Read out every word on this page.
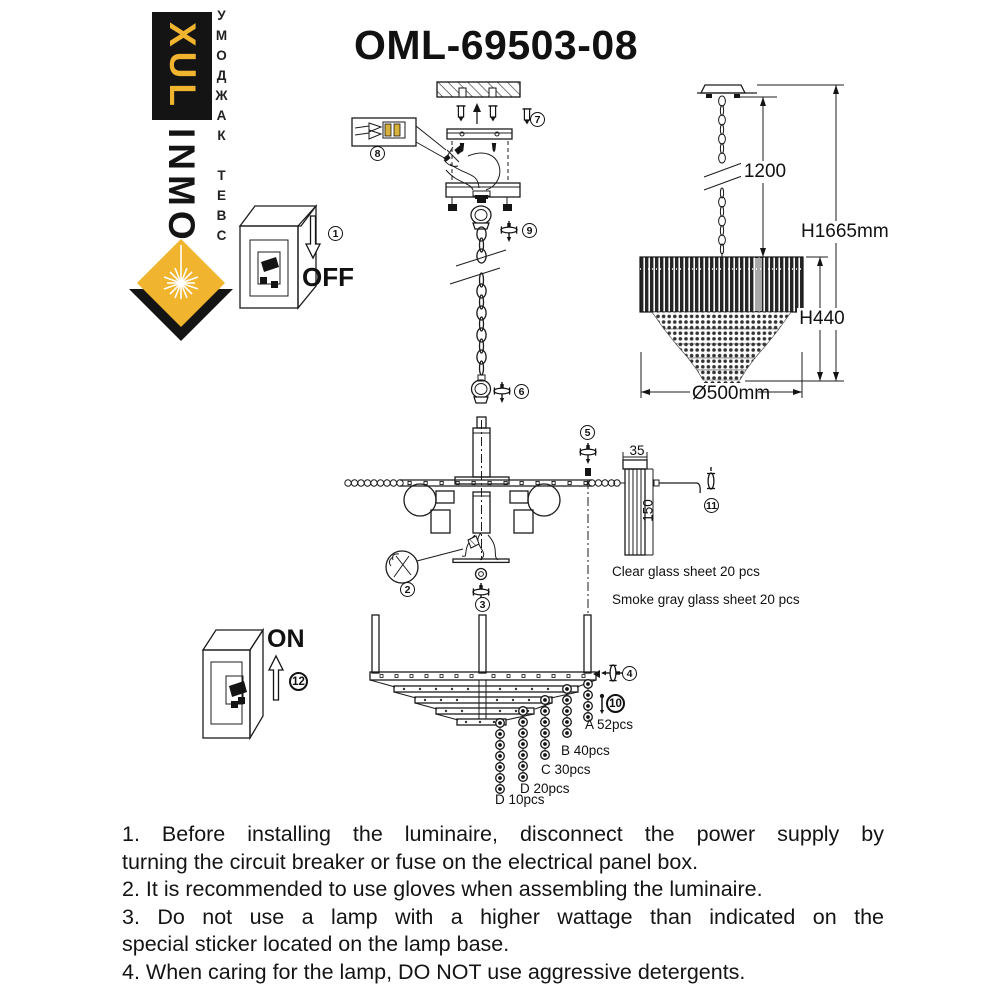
OML-69503-08
XUL
INMO УМОДЖАК ТЕВС
OFF
ON
1
2
3
4
5
6
7
8
9
10
11
12
1200
H1665mm
H440
Ø500mm
35
150
Clear glass sheet 20 pcs
Smoke gray glass sheet 20 pcs
A 52pcs
B 40pcs
C 30pcs
D 20pcs
D 10pcs
1. Before installing the luminaire, disconnect the power supply by
turning the circuit breaker or fuse on the electrical panel box.
2. It is recommended to use gloves when assembling the luminaire.
3. Do not use a lamp with a higher wattage than indicated on the
special sticker located on the lamp base.
4. When caring for the lamp, DO NOT use aggressive detergents.
